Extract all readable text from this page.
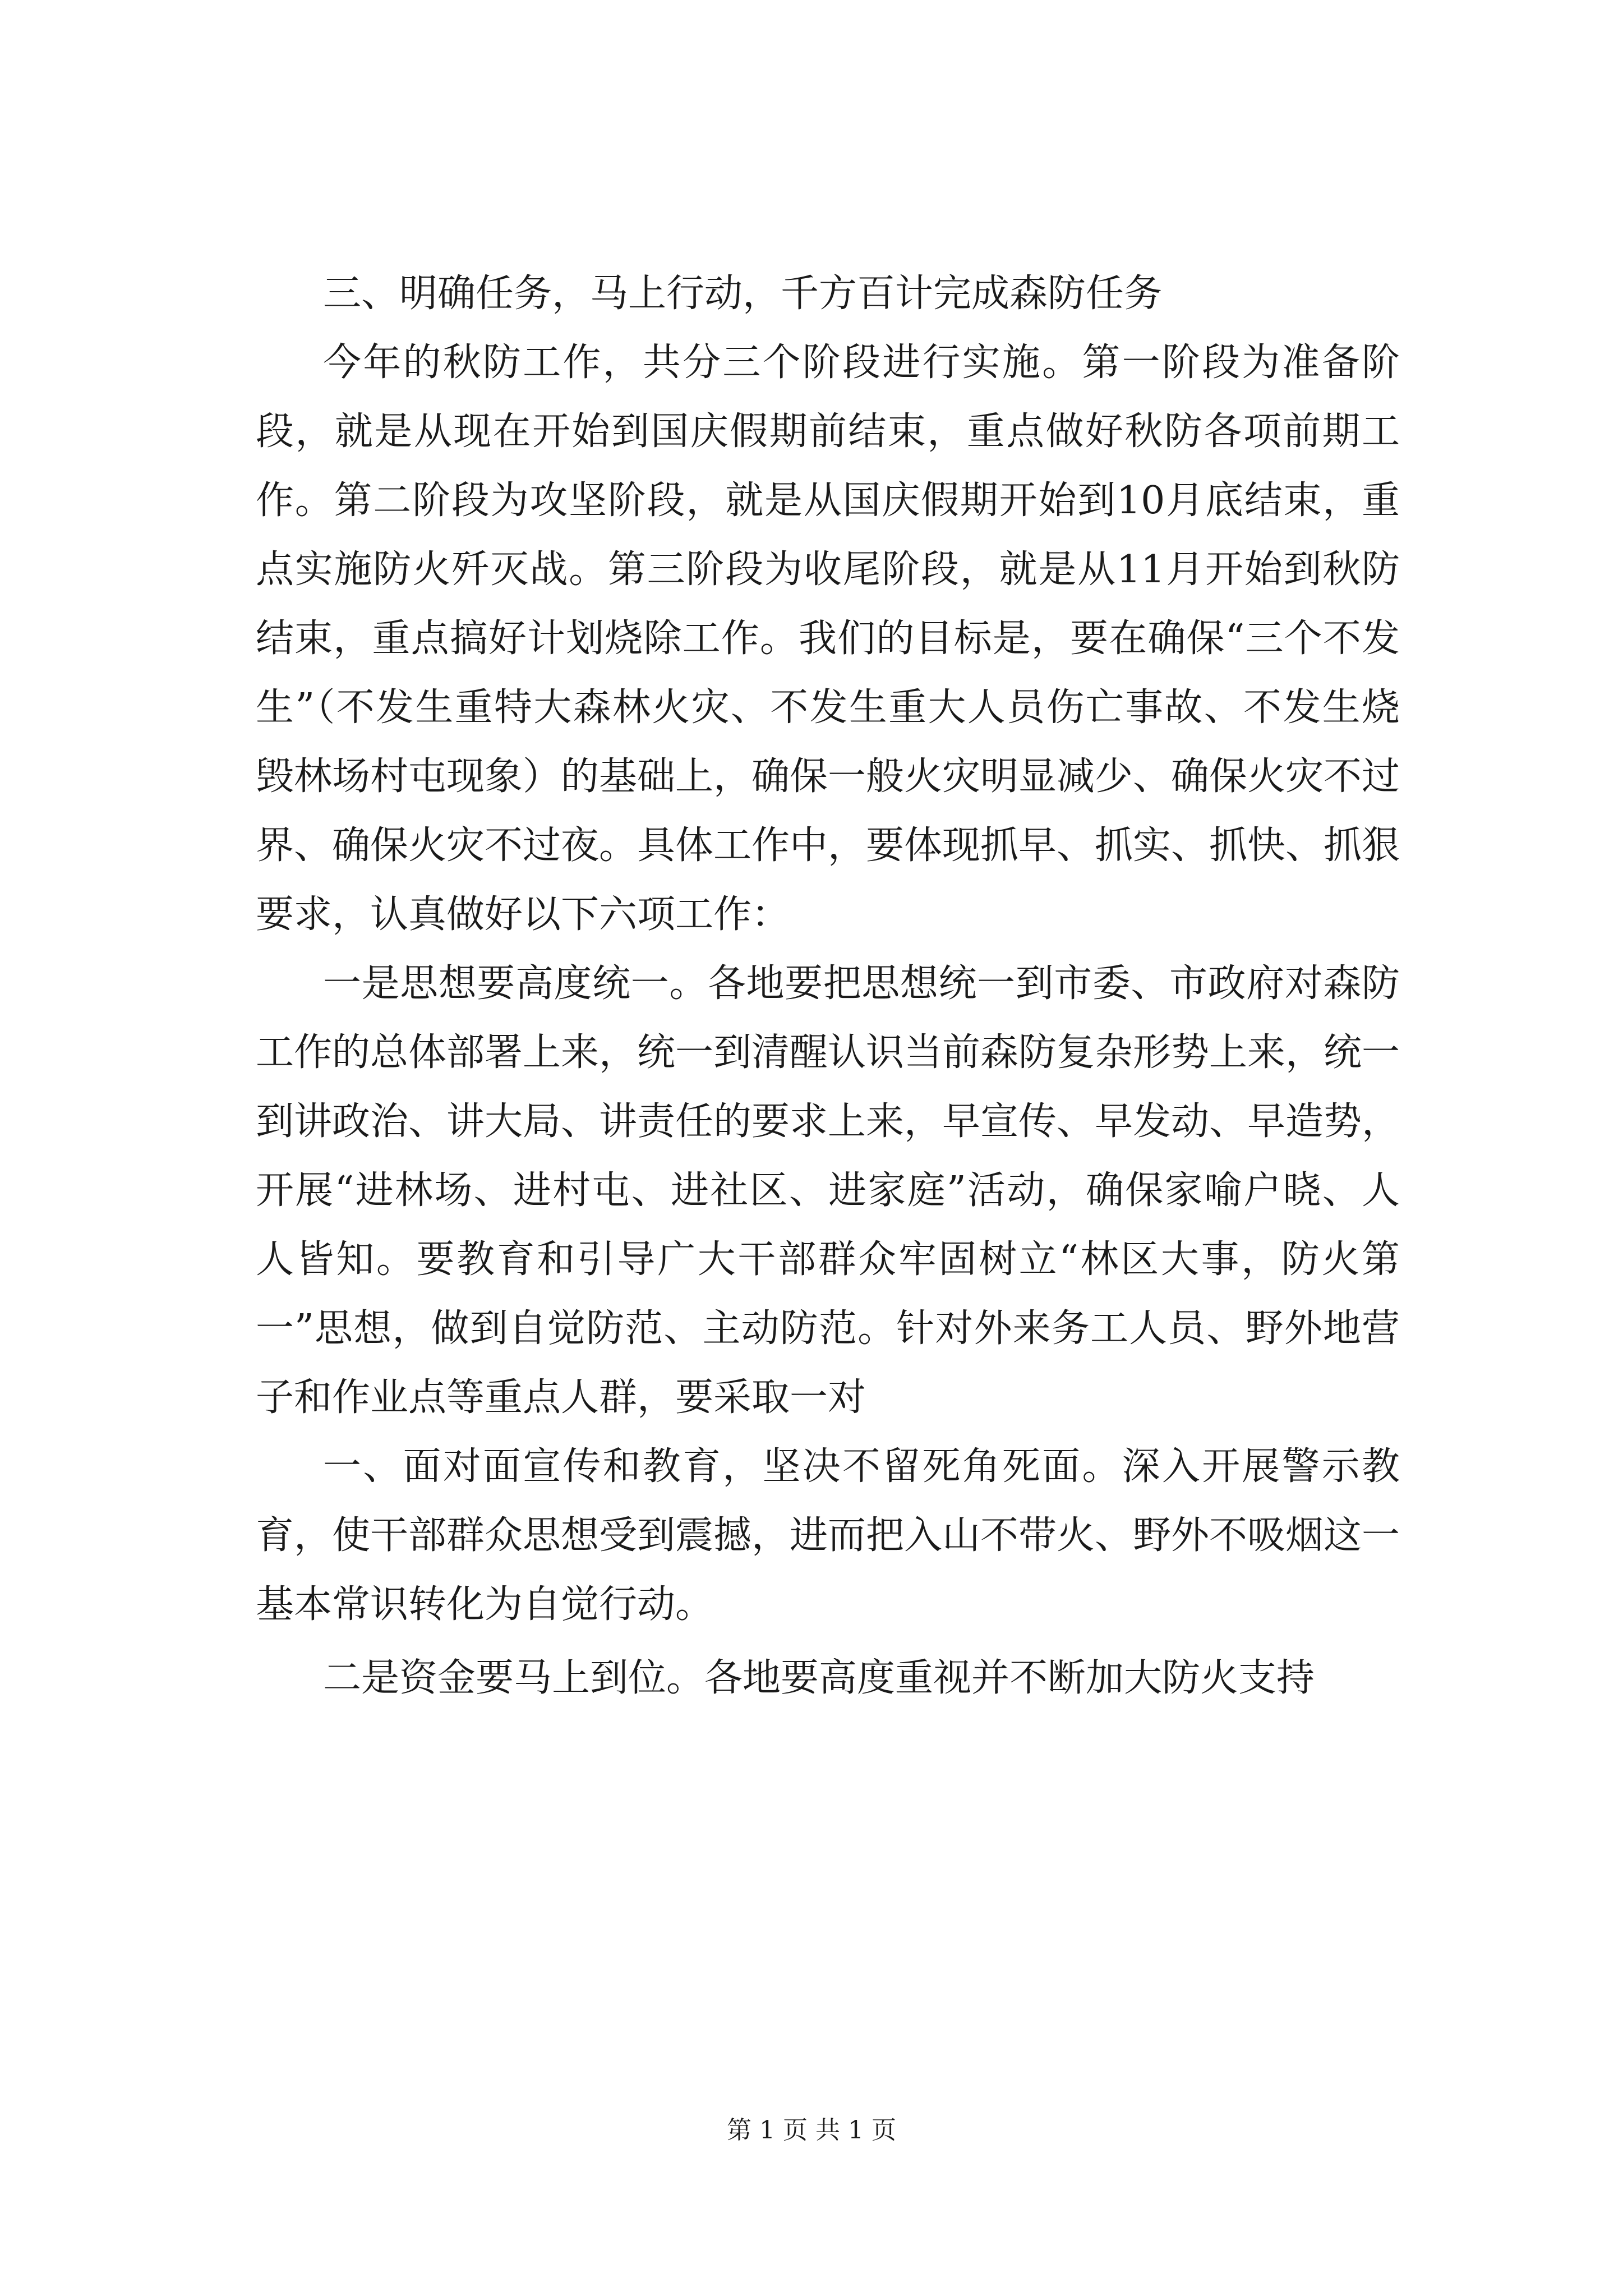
三、明确任务，马上行动，千方百计完成森防任务

今年的秋防工作，共分三个阶段进行实施。第一阶段为准备阶段，就是从现在开始到国庆假期前结束，重点做好秋防各项前期工作。第二阶段为攻坚阶段，就是从国庆假期开始到10月底结束，重点实施防火歼灭战。第三阶段为收尾阶段，就是从11月开始到秋防结束，重点搞好计划烧除工作。我们的目标是，要在确保“三个不发生”（不发生重特大森林火灾、不发生重大人员伤亡事故、不发生烧毁林场村屯现象）的基础上，确保一般火灾明显减少、确保火灾不过界、确保火灾不过夜。具体工作中，要体现抓早、抓实、抓快、抓狠要求，认真做好以下六项工作：

一是思想要高度统一。各地要把思想统一到市委、市政府对森防工作的总体部署上来，统一到清醒认识当前森防复杂形势上来，统一到讲政治、讲大局、讲责任的要求上来，早宣传、早发动、早造势，开展“进林场、进村屯、进社区、进家庭”活动，确保家喻户晓、人人皆知。要教育和引导广大干部群众牢固树立“林区大事，防火第一”思想，做到自觉防范、主动防范。针对外来务工人员、野外地营子和作业点等重点人群，要采取一对

一、面对面宣传和教育，坚决不留死角死面。深入开展警示教育，使干部群众思想受到震撼，进而把入山不带火、野外不吸烟这一基本常识转化为自觉行动。

二是资金要马上到位。各地要高度重视并不断加大防火支持

第 1 页 共 1 页
